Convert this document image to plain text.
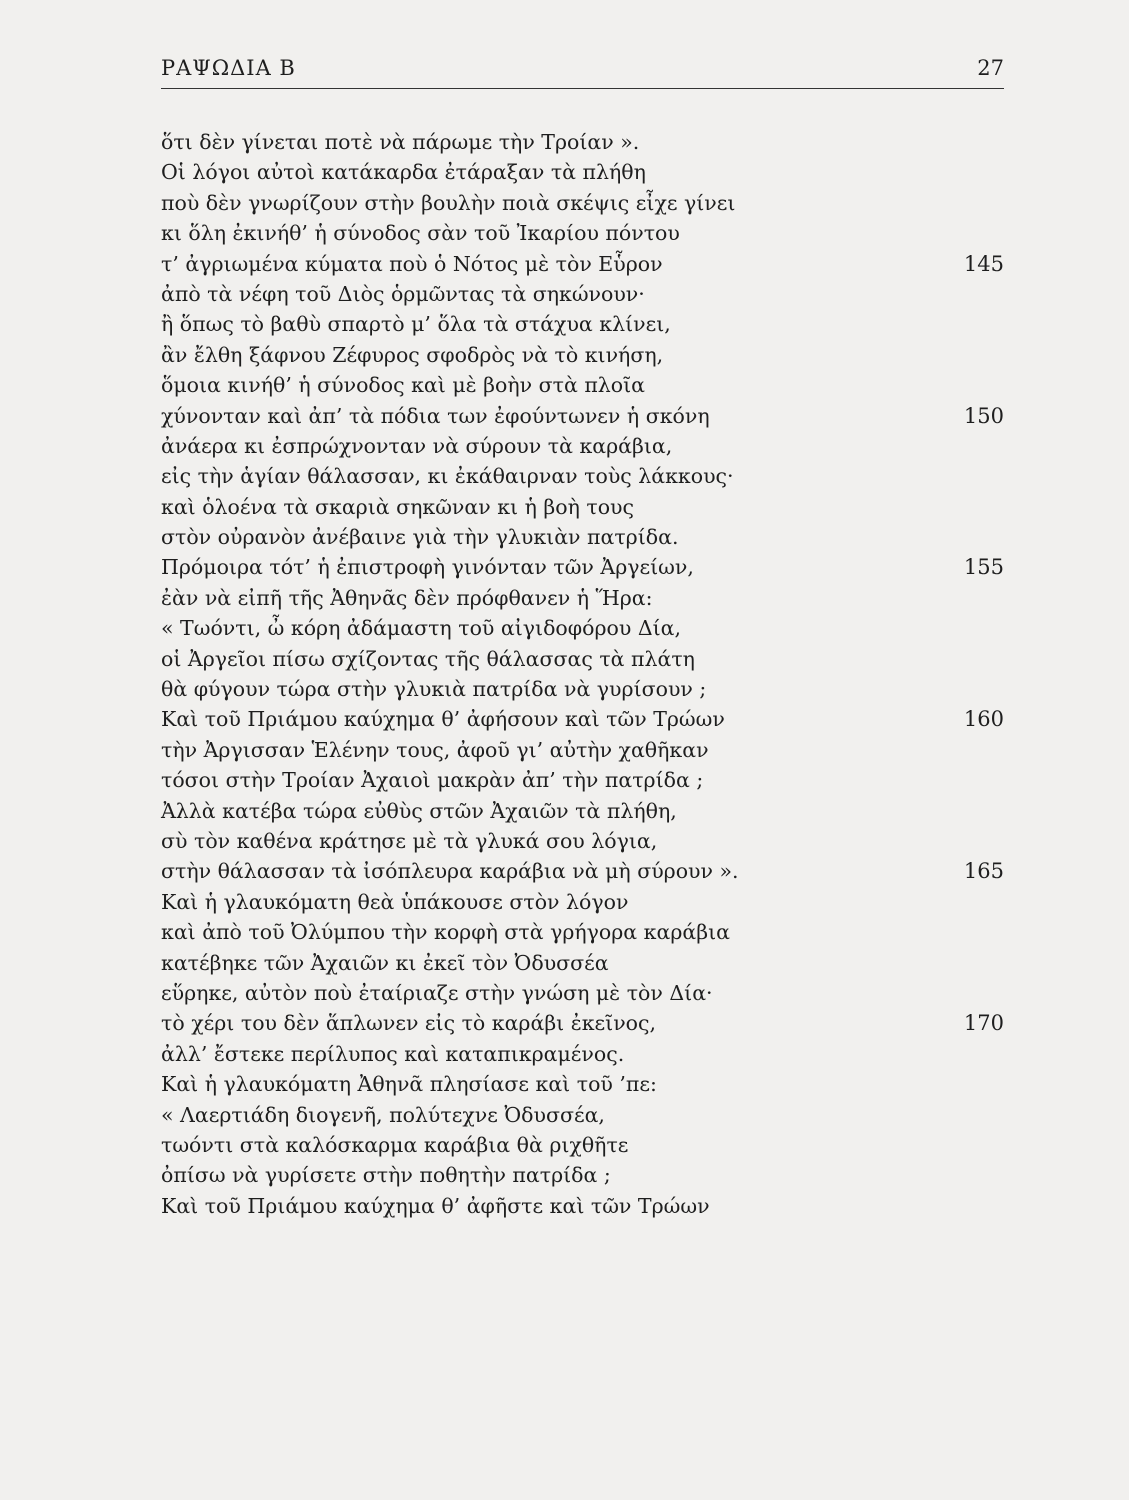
ΡΑΨΩΔΙΑ Β	27
ὅτι δὲν γίνεται ποτὲ νὰ πάρωμε τὴν Τροίαν ».
Οἱ λόγοι αὐτοὶ κατάκαρδα ἐτάραξαν τὰ πλήθη
ποὺ δὲν γνωρίζουν στὴν βουλὴν ποιὰ σκέψις εἶχε γίνει
κι ὅλη ἐκινήθ’ ἡ σύνοδος σὰν τοῦ Ἰκαρίου πόντου
τ’ ἀγριωμένα κύματα ποὺ ὁ Νότος μὲ τὸν Εὗρον	145
ἀπὸ τὰ νέφη τοῦ Διὸς ὁρμῶντας τὰ σηκώνουν·
ἢ ὅπως τὸ βαθὺ σπαρτὸ μ’ ὅλα τὰ στάχυα κλίνει,
ἂν ἔλθη ξάφνου Ζέφυρος σφοδρὸς νὰ τὸ κινήση,
ὅμοια κινήθ’ ἡ σύνοδος καὶ μὲ βοὴν στὰ πλοῖα
χύνονταν καὶ ἀπ’ τὰ πόδια των ἐφούντωνεν ἡ σκόνη	150
ἀνάερα κι ἐσπρώχνονταν νὰ σύρουν τὰ καράβια,
εἰς τὴν ἁγίαν θάλασσαν, κι ἐκάθαιρναν τοὺς λάκκους·
καὶ ὁλοένα τὰ σκαριὰ σηκῶναν κι ἡ βοὴ τους
στὸν οὐρανὸν ἀνέβαινε γιὰ τὴν γλυκιὰν πατρίδα.
Πρόμοιρα τότ’ ἡ ἐπιστροφὴ γινόνταν τῶν Ἀργείων,	155
ἐὰν νὰ εἰπῆ τῆς Ἀθηνᾶς δὲν πρόφθανεν ἡ Ἥρα:
« Τωόντι, ὦ κόρη ἀδάμαστη τοῦ αἰγιδοφόρου Δία,
οἱ Ἀργεῖοι πίσω σχίζοντας τῆς θάλασσας τὰ πλάτη
θὰ φύγουν τώρα στὴν γλυκιὰ πατρίδα νὰ γυρίσουν ;
Καὶ τοῦ Πριάμου καύχημα θ’ ἀφήσουν καὶ τῶν Τρώων	160
τὴν Ἀργισσαν Ἑλένην τους, ἀφοῦ γι’ αὐτὴν χαθῆκαν
τόσοι στὴν Τροίαν Ἀχαιοὶ μακρὰν ἀπ’ τὴν πατρίδα ;
Ἀλλὰ κατέβα τώρα εὐθὺς στῶν Ἀχαιῶν τὰ πλήθη,
σὺ τὸν καθένα κράτησε μὲ τὰ γλυκά σου λόγια,
στὴν θάλασσαν τὰ ἰσόπλευρα καράβια νὰ μὴ σύρουν ».	165
Καὶ ἡ γλαυκόματη θεὰ ὑπάκουσε στὸν λόγον
καὶ ἀπὸ τοῦ Ὀλύμπου τὴν κορφὴ στὰ γρήγορα καράβια
κατέβηκε τῶν Ἀχαιῶν κι ἐκεῖ τὸν Ὀδυσσέα
εὕρηκε, αὐτὸν ποὺ ἐταίριαζε στὴν γνώση μὲ τὸν Δία·
τὸ χέρι του δὲν ἅπλωνεν εἰς τὸ καράβι ἐκεῖνος,	170
ἀλλ’ ἔστεκε περίλυπος καὶ καταπικραμένος.
Καὶ ἡ γλαυκόματη Ἀθηνᾶ πλησίασε καὶ τοῦ ’πε:
« Λαερτιάδη διογενῆ, πολύτεχνε Ὀδυσσέα,
τωόντι στὰ καλόσκαρμα καράβια θὰ ριχθῆτε
ὀπίσω νὰ γυρίσετε στὴν ποθητὴν πατρίδα ;
Καὶ τοῦ Πριάμου καύχημα θ’ ἀφῆστε καὶ τῶν Τρώων
